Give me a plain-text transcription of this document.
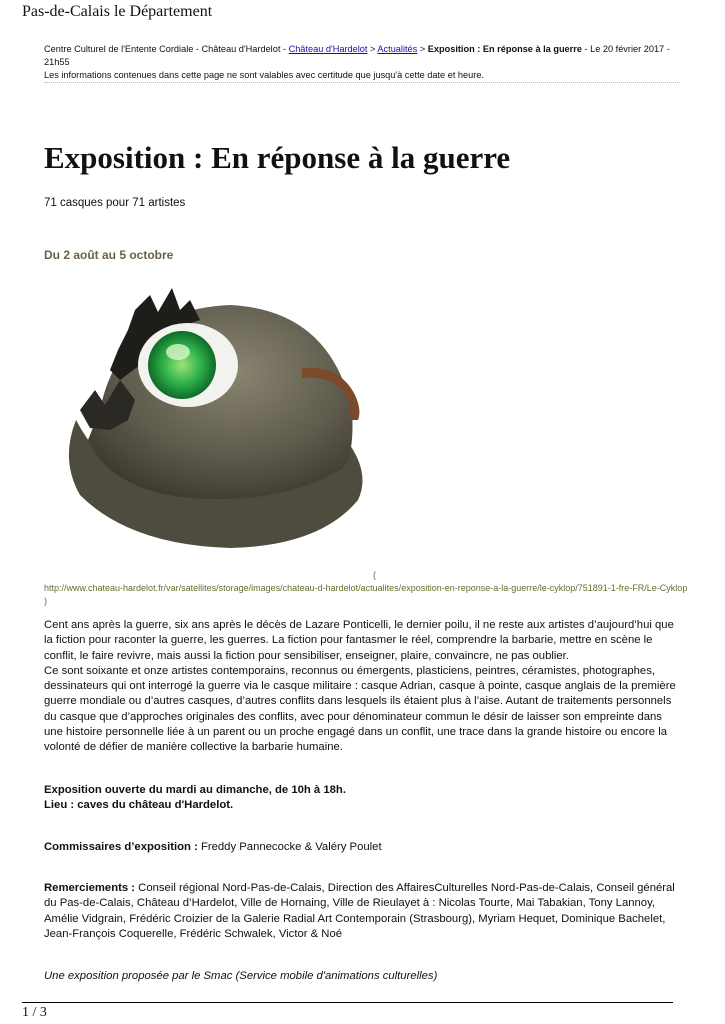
Pas-de-Calais le Département
Centre Culturel de l'Entente Cordiale - Château d'Hardelot - Château d'Hardelot > Actualités > Exposition : En réponse à la guerre - Le 20 février 2017 - 21h55
Les informations contenues dans cette page ne sont valables avec certitude que jusqu'à cette date et heure.
Exposition : En réponse à la guerre
71 casques pour 71 artistes
Du 2 août au 5 octobre
(
http://www.chateau-hardelot.fr/var/satellites/storage/images/chateau-d-hardelot/actualites/exposition-en-reponse-a-la-guerre/le-cyklop/751891-1-fre-FR/Le-Cyklop
)
Cent ans après la guerre, six ans après le décès de Lazare Ponticelli, le dernier poilu, il ne reste aux artistes d’aujourd’hui que la fiction pour raconter la guerre, les guerres. La fiction pour fantasmer le réel, comprendre la barbarie, mettre en scène le conflit, le faire revivre, mais aussi la fiction pour sensibiliser, enseigner, plaire, convaincre, ne pas oublier.
Ce sont soixante et onze artistes contemporains, reconnus ou émergents, plasticiens, peintres, céramistes, photographes, dessinateurs qui ont interrogé la guerre via le casque militaire : casque Adrian, casque à pointe, casque anglais de la première guerre mondiale ou d’autres casques, d’autres conflits dans lesquels ils étaient plus à l’aise. Autant de traitements personnels du casque que d’approches originales des conflits, avec pour dénominateur commun le désir de laisser son empreinte dans une histoire personnelle liée à un parent ou un proche engagé dans un conflit, une trace dans la grande histoire ou encore la volonté de défier de manière collective la barbarie humaine.
Exposition ouverte du mardi au dimanche, de 10h à 18h.
Lieu : caves du château d'Hardelot.
Commissaires d’exposition : Freddy Pannecocke & Valéry Poulet
Remerciements : Conseil régional Nord-Pas-de-Calais, Direction des AffairesCulturelles Nord-Pas-de-Calais, Conseil général du Pas-de-Calais, Château d’Hardelot, Ville de Hornaing, Ville de Rieulayet à : Nicolas Tourte, Mai Tabakian, Tony Lannoy, Amélie Vidgrain, Frédéric Croizier de la Galerie Radial Art Contemporain (Strasbourg), Myriam Hequet, Dominique Bachelet, Jean-François Coquerelle, Frédéric Schwalek, Victor & Noé
Une exposition proposée par le Smac (Service mobile d'animations culturelles)
1 / 3
